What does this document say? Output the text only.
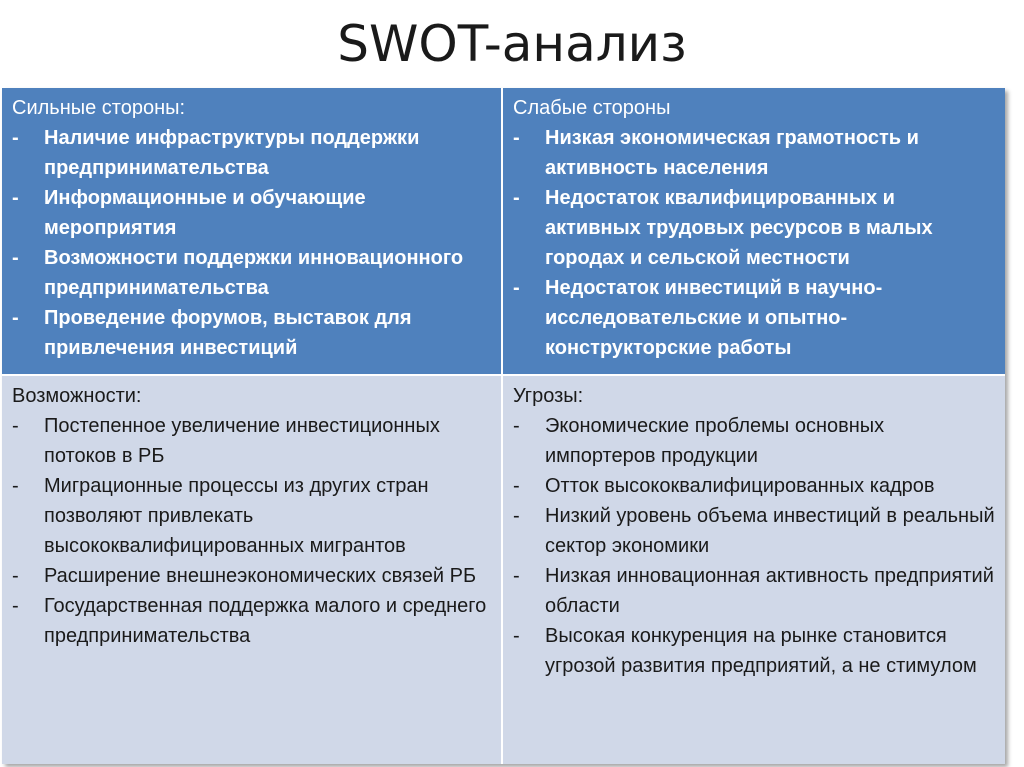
SWOT-анализ
Сильные стороны:
-	Наличие инфраструктуры поддержки предпринимательства
-	Информационные и обучающие мероприятия
-	Возможности поддержки инновационного предпринимательства
-	Проведение форумов, выставок для привлечения инвестиций
Слабые стороны
-	Низкая экономическая грамотность и активность населения
-	Недостаток квалифицированных и активных трудовых ресурсов в малых городах и сельской местности
-	Недостаток инвестиций в научно-исследовательские и опытно-конструкторские работы
Возможности:
-	Постепенное увеличение инвестиционных потоков в РБ
-	Миграционные процессы из других стран позволяют привлекать высококвалифицированных мигрантов
-	Расширение внешнеэкономических связей РБ
-	Государственная поддержка малого и среднего предпринимательства
Угрозы:
-	Экономические проблемы основных импортеров продукции
-	Отток высококвалифицированных кадров
-	Низкий уровень объема инвестиций в реальный сектор экономики
-	Низкая инновационная активность предприятий области
-	Высокая конкуренция на рынке становится угрозой развития предприятий, а не стимулом
